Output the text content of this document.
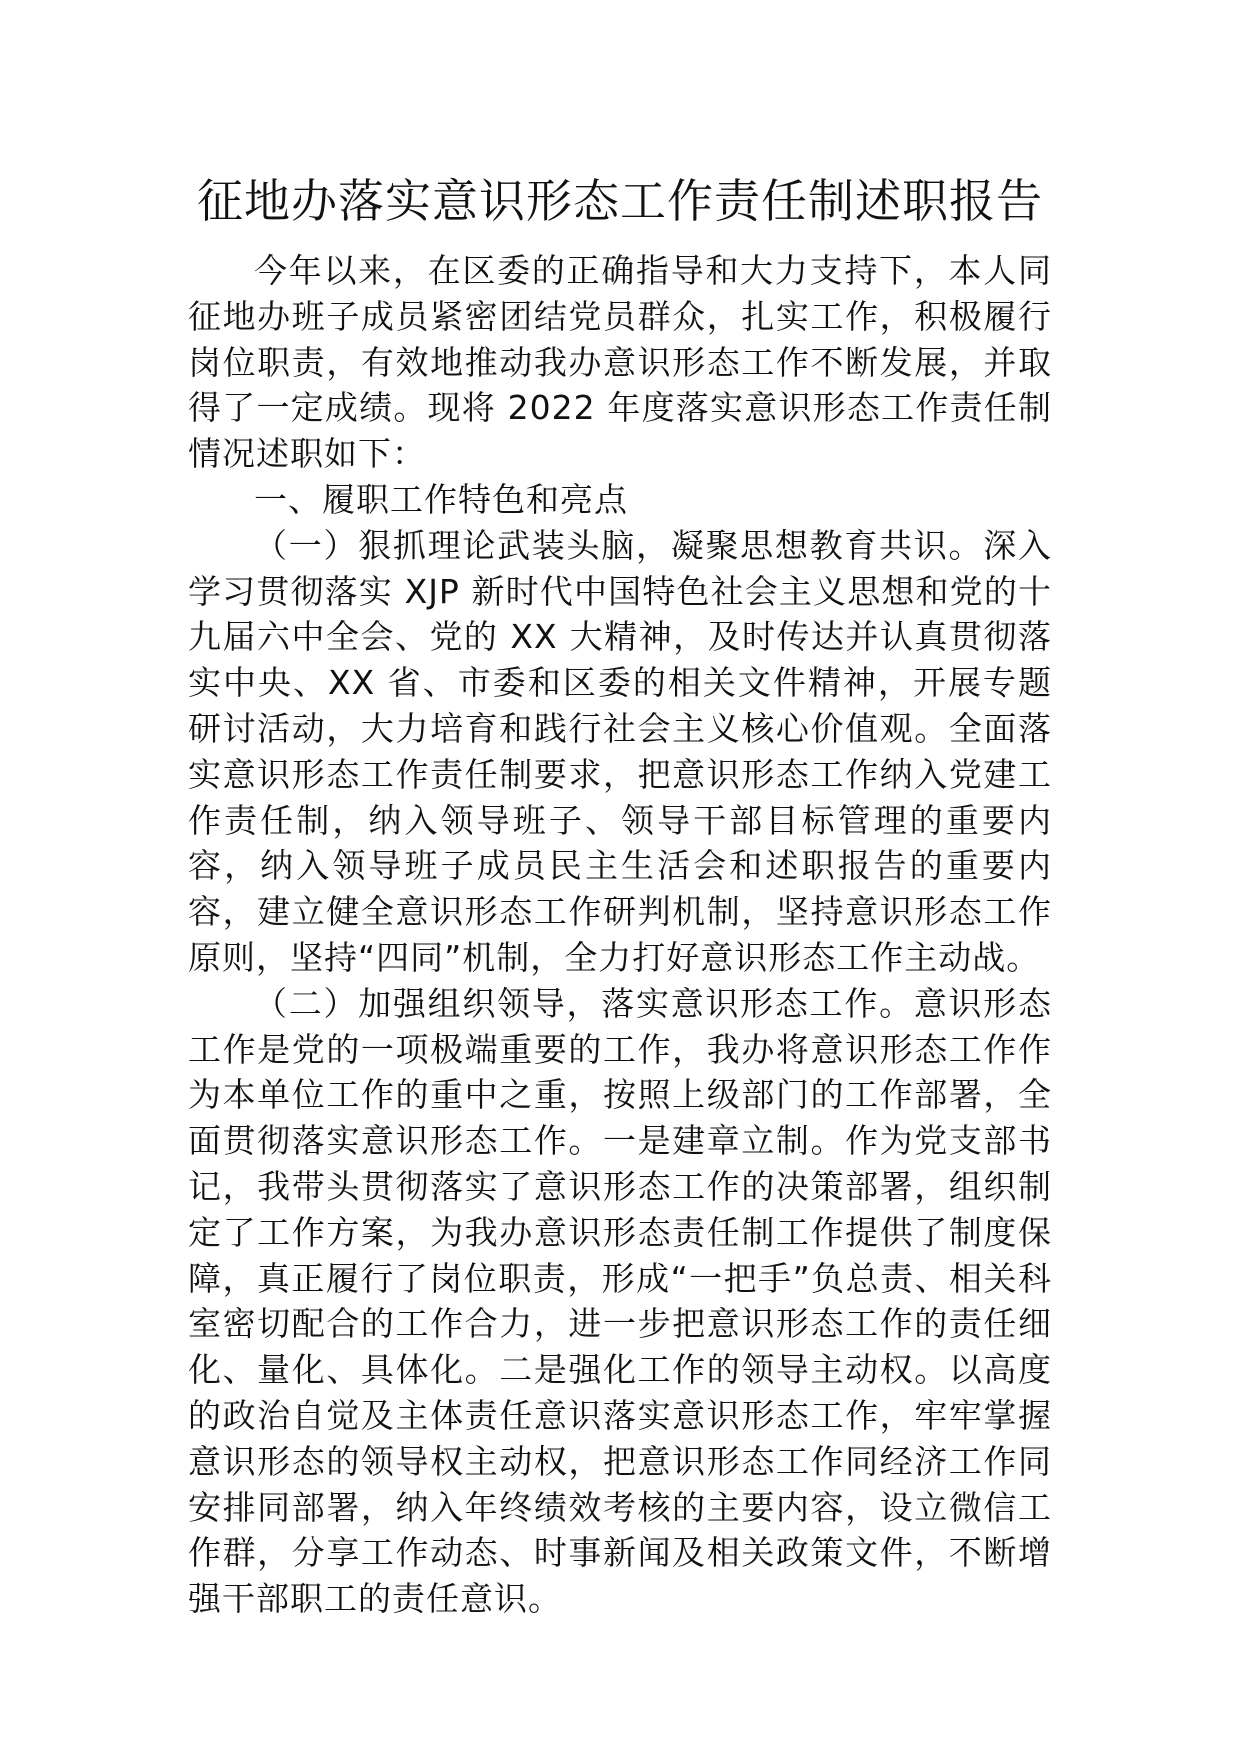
征地办落实意识形态工作责任制述职报告

今年以来，在区委的正确指导和大力支持下，本人同征地办班子成员紧密团结党员群众，扎实工作，积极履行岗位职责，有效地推动我办意识形态工作不断发展，并取得了一定成绩。现将 2022 年度落实意识形态工作责任制情况述职如下：

一、履职工作特色和亮点

（一）狠抓理论武装头脑，凝聚思想教育共识。深入学习贯彻落实 XJP 新时代中国特色社会主义思想和党的十九届六中全会、党的 XX 大精神，及时传达并认真贯彻落实中央、XX 省、市委和区委的相关文件精神，开展专题研讨活动，大力培育和践行社会主义核心价值观。全面落实意识形态工作责任制要求，把意识形态工作纳入党建工作责任制，纳入领导班子、领导干部目标管理的重要内容，纳入领导班子成员民主生活会和述职报告的重要内容，建立健全意识形态工作研判机制，坚持意识形态工作原则，坚持“四同”机制，全力打好意识形态工作主动战。

（二）加强组织领导，落实意识形态工作。意识形态工作是党的一项极端重要的工作，我办将意识形态工作作为本单位工作的重中之重，按照上级部门的工作部署，全面贯彻落实意识形态工作。一是建章立制。作为党支部书记，我带头贯彻落实了意识形态工作的决策部署，组织制定了工作方案，为我办意识形态责任制工作提供了制度保障，真正履行了岗位职责，形成“一把手”负总责、相关科室密切配合的工作合力，进一步把意识形态工作的责任细化、量化、具体化。二是强化工作的领导主动权。以高度的政治自觉及主体责任意识落实意识形态工作，牢牢掌握意识形态的领导权主动权，把意识形态工作同经济工作同安排同部署，纳入年终绩效考核的主要内容，设立微信工作群，分享工作动态、时事新闻及相关政策文件，不断增强干部职工的责任意识。
